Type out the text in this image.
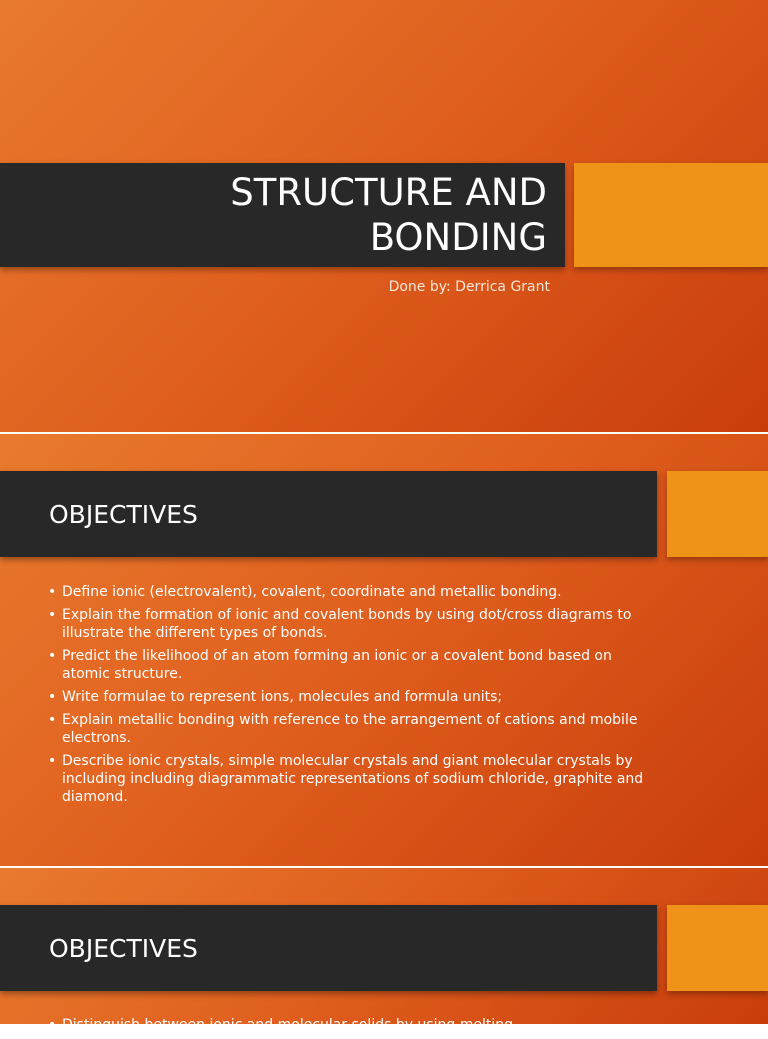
STRUCTURE AND
BONDING
Done by: Derrica Grant
OBJECTIVES
• Define ionic (electrovalent), covalent, coordinate and metallic bonding.
• Explain the formation of ionic and covalent bonds by using dot/cross diagrams to illustrate the different types of bonds.
• Predict the likelihood of an atom forming an ionic or a covalent bond based on atomic structure.
• Write formulae to represent ions, molecules and formula units;
• Explain metallic bonding with reference to the arrangement of cations and mobile electrons.
• Describe ionic crystals, simple molecular crystals and giant molecular crystals by including including diagrammatic representations of sodium chloride, graphite and diamond.
OBJECTIVES
• Distinguish between ionic and molecular solids by using melting
